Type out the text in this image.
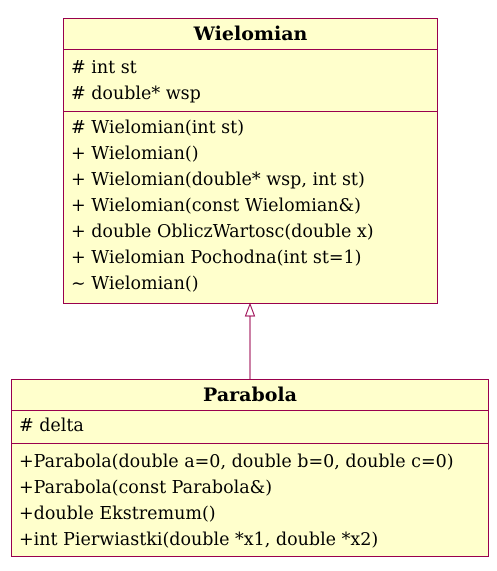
Wielomian
# int st
# double* wsp
# Wielomian(int st)
+ Wielomian()
+ Wielomian(double* wsp, int st)
+ Wielomian(const Wielomian&)
+ double ObliczWartosc(double x)
+ Wielomian Pochodna(int st=1)
∼ Wielomian()
Parabola
# delta
+Parabola(double a=0, double b=0, double c=0)
+Parabola(const Parabola&)
+double Ekstremum()
+int Pierwiastki(double *x1, double *x2)
